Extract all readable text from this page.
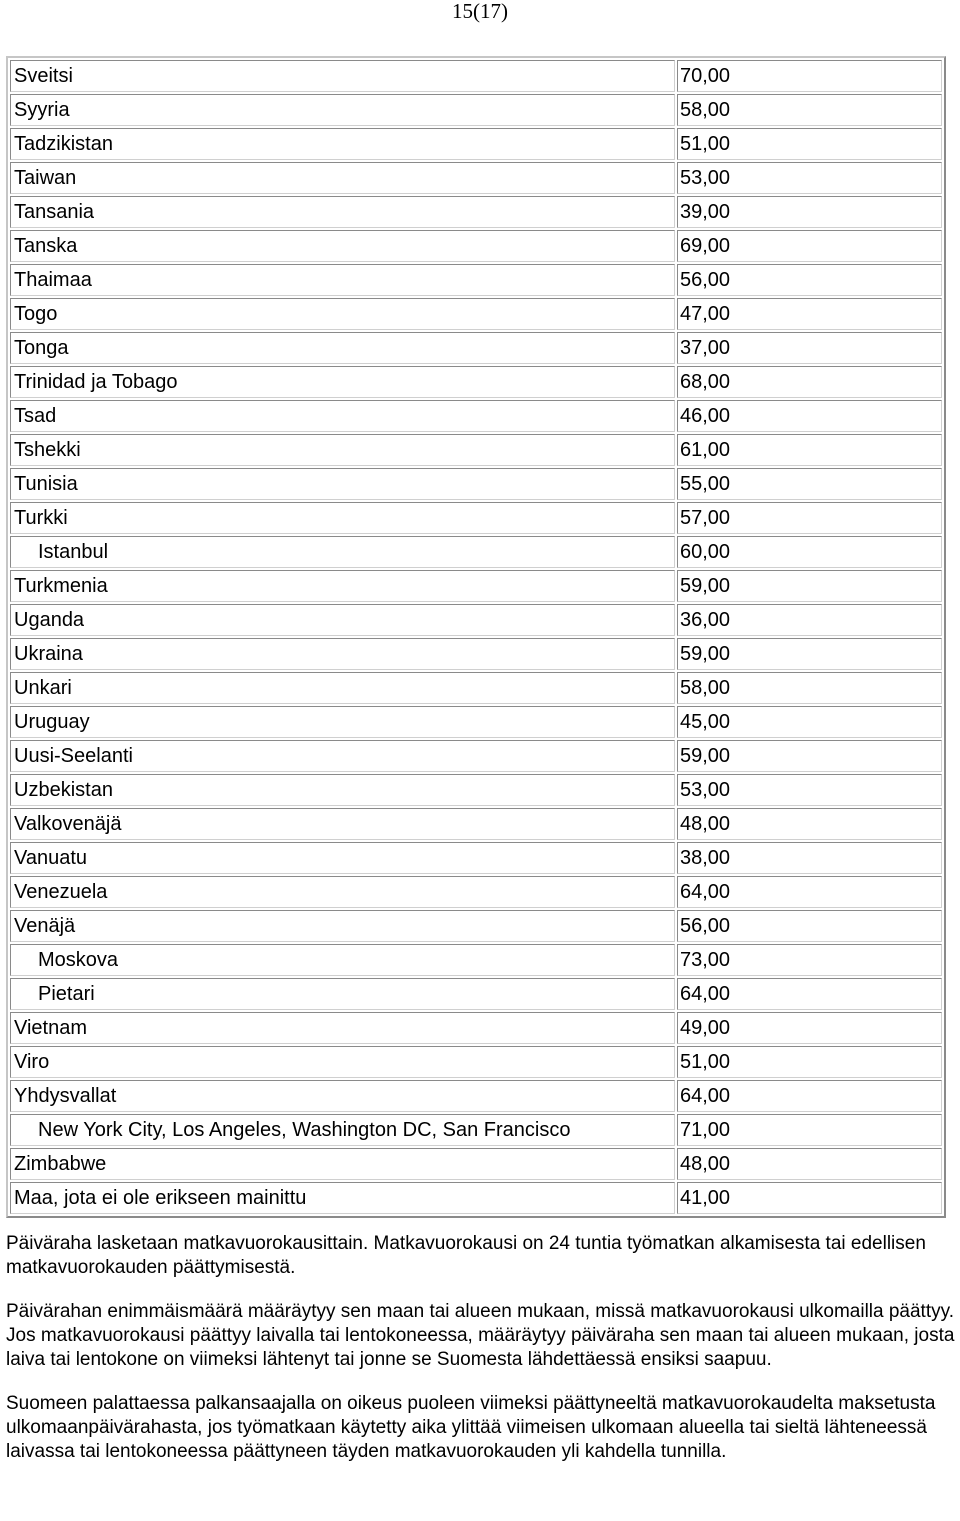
15(17)
Sveitsi	70,00
Syyria	58,00
Tadzikistan	51,00
Taiwan	53,00
Tansania	39,00
Tanska	69,00
Thaimaa	56,00
Togo	47,00
Tonga	37,00
Trinidad ja Tobago	68,00
Tsad	46,00
Tshekki	61,00
Tunisia	55,00
Turkki	57,00
Istanbul	60,00
Turkmenia	59,00
Uganda	36,00
Ukraina	59,00
Unkari	58,00
Uruguay	45,00
Uusi-Seelanti	59,00
Uzbekistan	53,00
Valkovenäjä	48,00
Vanuatu	38,00
Venezuela	64,00
Venäjä	56,00
Moskova	73,00
Pietari	64,00
Vietnam	49,00
Viro	51,00
Yhdysvallat	64,00
New York City, Los Angeles, Washington DC, San Francisco	71,00
Zimbabwe	48,00
Maa, jota ei ole erikseen mainittu	41,00

Päiväraha lasketaan matkavuorokausittain. Matkavuorokausi on 24 tuntia työmatkan alkamisesta tai edellisen matkavuorokauden päättymisestä.

Päivärahan enimmäismäärä määräytyy sen maan tai alueen mukaan, missä matkavuorokausi ulkomailla päättyy. Jos matkavuorokausi päättyy laivalla tai lentokoneessa, määräytyy päiväraha sen maan tai alueen mukaan, josta laiva tai lentokone on viimeksi lähtenyt tai jonne se Suomesta lähdettäessä ensiksi saapuu.

Suomeen palattaessa palkansaajalla on oikeus puoleen viimeksi päättyneeltä matkavuorokaudelta maksetusta ulkomaanpäivärahasta, jos työmatkaan käytetty aika ylittää viimeisen ulkomaan alueella tai sieltä lähteneessä laivassa tai lentokoneessa päättyneen täyden matkavuorokauden yli kahdella tunnilla.
